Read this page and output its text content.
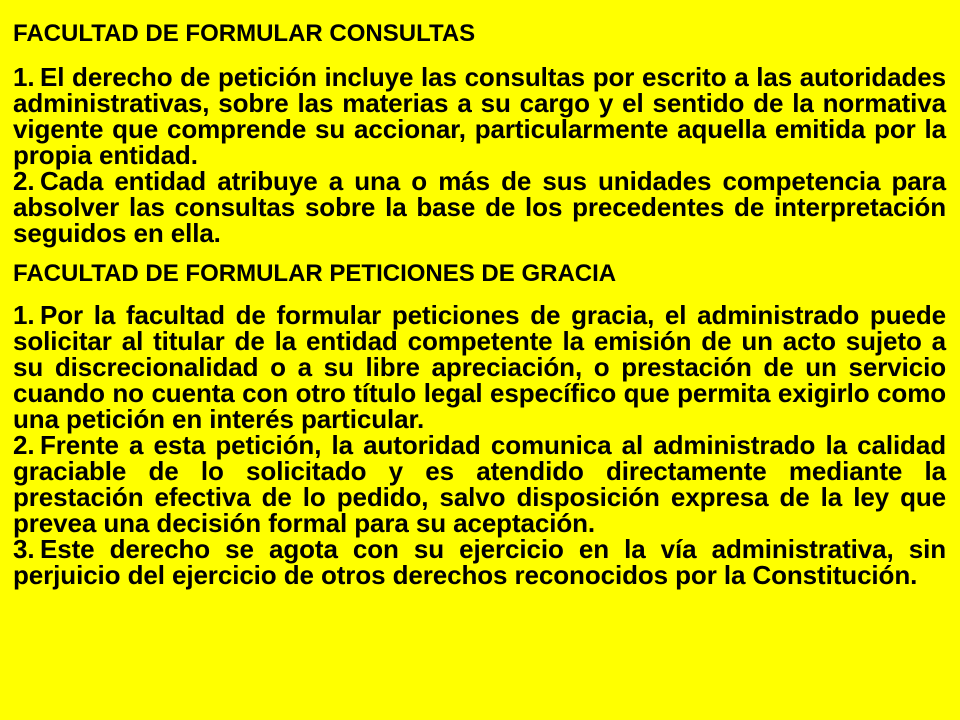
FACULTAD DE FORMULAR CONSULTAS

1. El derecho de petición incluye las consultas por escrito a las autoridades administrativas, sobre las materias a su cargo y el sentido de la normativa vigente que comprende su accionar, particularmente aquella emitida por la propia entidad.

2. Cada entidad atribuye a una o más de sus unidades competencia para absolver las consultas sobre la base de los precedentes de interpretación seguidos en ella.

FACULTAD DE FORMULAR PETICIONES DE GRACIA

1. Por la facultad de formular peticiones de gracia, el administrado puede solicitar al titular de la entidad competente la emisión de un acto sujeto a su discrecionalidad o a su libre apreciación, o prestación de un servicio cuando no cuenta con otro título legal específico que permita exigirlo como una petición en interés particular.

2. Frente a esta petición, la autoridad comunica al administrado la calidad graciable de lo solicitado y es atendido directamente mediante la prestación efectiva de lo pedido, salvo disposición expresa de la ley que prevea una decisión formal para su aceptación.

3. Este derecho se agota con su ejercicio en la vía administrativa, sin perjuicio del ejercicio de otros derechos reconocidos por la Constitución.
